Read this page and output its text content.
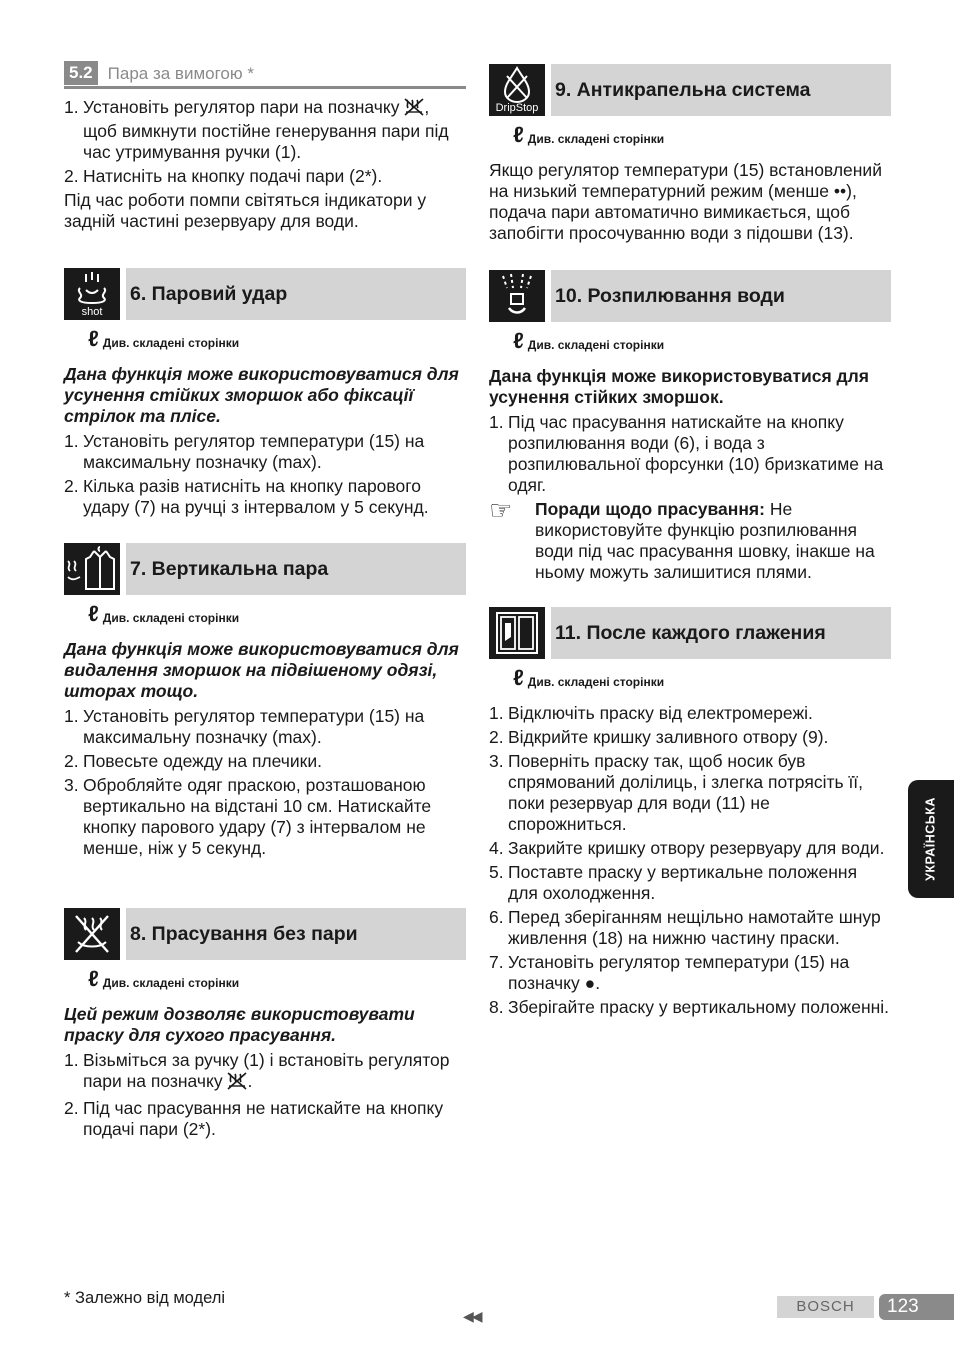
5.2 Пара за вимогою *
1. Установіть регулятор пари на позначку , щоб вимкнути постійне генерування пари під час утримування ручки (1).
2. Натисніть на кнопку подачі пари (2*).

Під час роботи помпи світяться індикатори у задній частині резервуару для води.

shot
6. Паровий удар
ℓ Див. складені сторінки

Дана функція може використовуватися для усунення стійких зморшок або фіксації стрілок та плісе.

1. Установіть регулятор температури (15) на максимальну позначку (max).
2. Кілька разів натисніть на кнопку парового удару (7) на ручці з інтервалом у 5 секунд.
7. Вертикальна пара
ℓ Див. складені сторінки

Дана функція може використовуватися для видалення зморшок на підвішеному одязі, шторах тощо.

1. Установіть регулятор температури (15) на максимальну позначку (max).
2. Повесьте одежду на плечики.
3. Обробляйте одяг праскою, розташованою вертикально на відстані 10 см. Натискайте кнопку парового удару (7) з інтервалом не менше, ніж у 5 секунд.
8. Прасування без пари
ℓ Див. складені сторінки

Цей режим дозволяє використовувати праску для сухого прасування.

1. Візьміться за ручку (1) і встановіть регулятор пари на позначку .
2. Під час прасування не натискайте на кнопку подачі пари (2*).
DripStop
9. Антикрапельна система
ℓ Див. складені сторінки

Якщо регулятор температури (15) встановлений на низький температурний режим (менше ••), подача пари автоматично вимикається, щоб запобігти просочуванню води з підошви (13).

10. Розпилювання води
ℓ Див. складені сторінки

Дана функція може використовуватися для усунення стійких зморшок.

1. Під час прасування натискайте на кнопку розпилювання води (6), і вода з розпилювальної форсунки (10) бризкатиме на одяг.
☞	Поради щодо прасування: Не використовуйте функцію розпилювання води під час прасування шовку, інакше на ньому можуть залишитися плями.
11. После каждого глажения
ℓ Див. складені сторінки
1. Відключіть праску від електромережі.
2. Відкрийте кришку заливного отвору (9).
3. Поверніть праску так, щоб носик був спрямований долілиць, і злегка потрясіть її, поки резервуар для води (11) не спорожниться.
4. Закрийте кришку отвору резервуару для води.
5. Поставте праску у вертикальне положення для охолодження.
6. Перед зберіганням нещільно намотайте шнур живлення (18) на нижню частину праски.
7. Установіть регулятор температури (15) на позначку ●.
8. Зберігайте праску у вертикальному положенні.
УКРАЇНСЬКА
* Залежно від моделі
◀◀
BOSCH	123
